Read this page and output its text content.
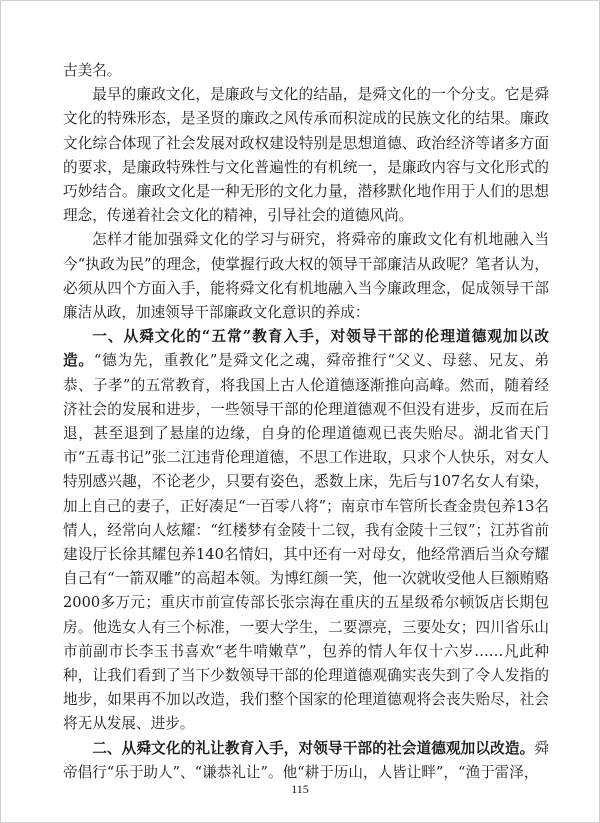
古美名。

最早的廉政文化，是廉政与文化的结晶，是舜文化的一个分支。它是舜文化的特殊形态，是圣贤的廉政之风传承而积淀成的民族文化的结果。廉政文化综合体现了社会发展对政权建设特别是思想道德、政治经济等诸多方面的要求，是廉政特殊性与文化普遍性的有机统一，是廉政内容与文化形式的巧妙结合。廉政文化是一种无形的文化力量，潜移默化地作用于人们的思想理念，传递着社会文化的精神，引导社会的道德风尚。

怎样才能加强舜文化的学习与研究，将舜帝的廉政文化有机地融入当今“执政为民”的理念，使掌握行政大权的领导干部廉洁从政呢？笔者认为，必须从四个方面入手，能将舜文化有机地融入当今廉政理念，促成领导干部廉洁从政，加速领导干部廉政文化意识的养成：

一、从舜文化的“五常”教育入手，对领导干部的伦理道德观加以改造。“德为先，重教化”是舜文化之魂，舜帝推行“父义、母慈、兄友、弟恭、子孝”的五常教育，将我国上古人伦道德逐渐推向高峰。然而，随着经济社会的发展和进步，一些领导干部的伦理道德观不但没有进步，反而在后退，甚至退到了悬崖的边缘，自身的伦理道德观已丧失贻尽。湖北省天门市“五毒书记”张二江违背伦理道德，不思工作进取，只求个人快乐，对女人特别感兴趣，不论老少，只要有姿色，悉数上床，先后与107名女人有染，加上自己的妻子，正好凑足“一百零八将”；南京市车管所长查金贵包养13名情人，经常向人炫耀：“红楼梦有金陵十二钗，我有金陵十三钗”；江苏省前建设厅长徐其耀包养140名情妇，其中还有一对母女，他经常酒后当众夸耀自己有“一箭双雕”的高超本领。为博红颜一笑，他一次就收受他人巨额贿赂2000多万元；重庆市前宣传部长张宗海在重庆的五星级希尔顿饭店长期包房。他选女人有三个标准，一要大学生，二要漂亮，三要处女；四川省乐山市前副市长李玉书喜欢“老牛啃嫩草”，包养的情人年仅十六岁……凡此种种，让我们看到了当下少数领导干部的伦理道德观确实丧失到了令人发指的地步，如果再不加以改造，我们整个国家的伦理道德观将会丧失贻尽，社会将无从发展、进步。

二、从舜文化的礼让教育入手，对领导干部的社会道德观加以改造。舜帝倡行“乐于助人”、“谦恭礼让”。他“耕于历山，人皆让畔”，“渔于雷泽，

115
